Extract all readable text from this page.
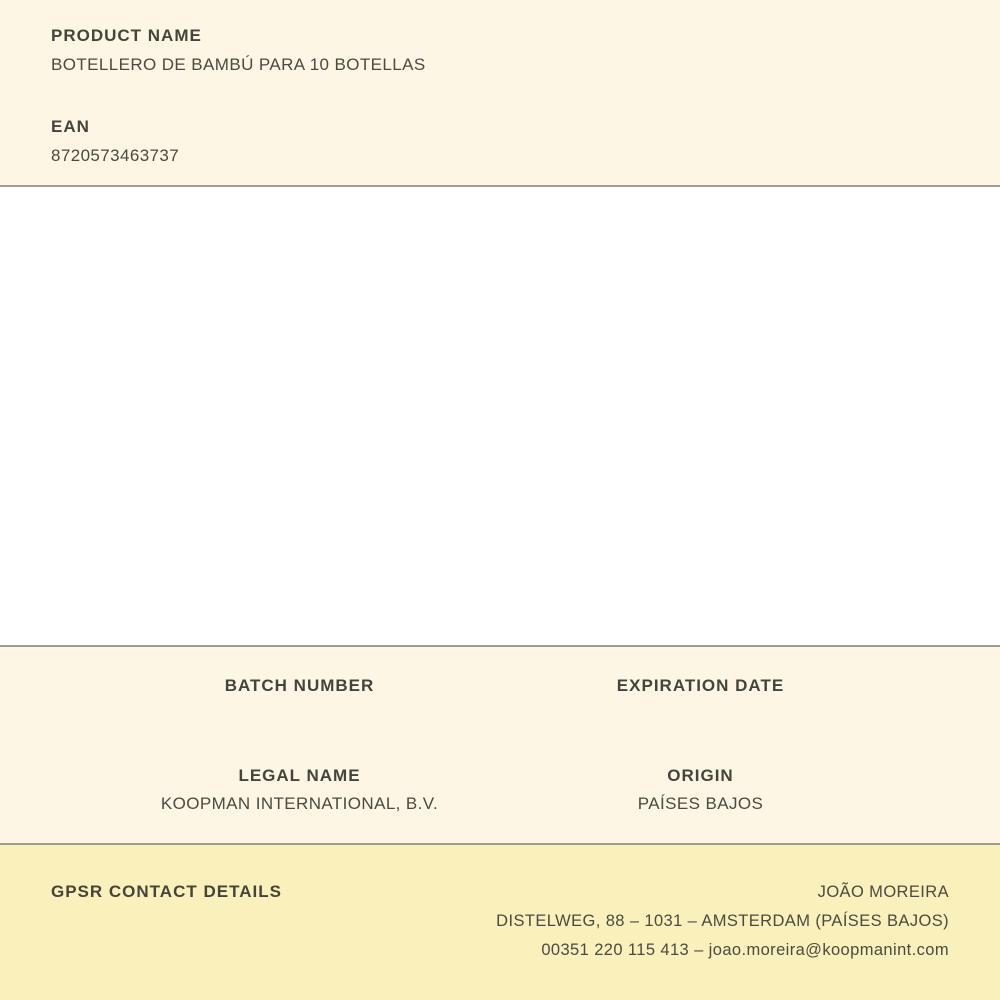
PRODUCT NAME
BOTELLERO DE BAMBÚ PARA 10 BOTELLAS
EAN
8720573463737
BATCH NUMBER	EXPIRATION DATE
LEGAL NAME
KOOPMAN INTERNATIONAL, B.V.
ORIGIN
PAÍSES BAJOS
GPSR CONTACT DETAILS	JOÃO MOREIRA
DISTELWEG, 88 – 1031 – AMSTERDAM (PAÍSES BAJOS)
00351 220 115 413 – joao.moreira@koopmanint.com
